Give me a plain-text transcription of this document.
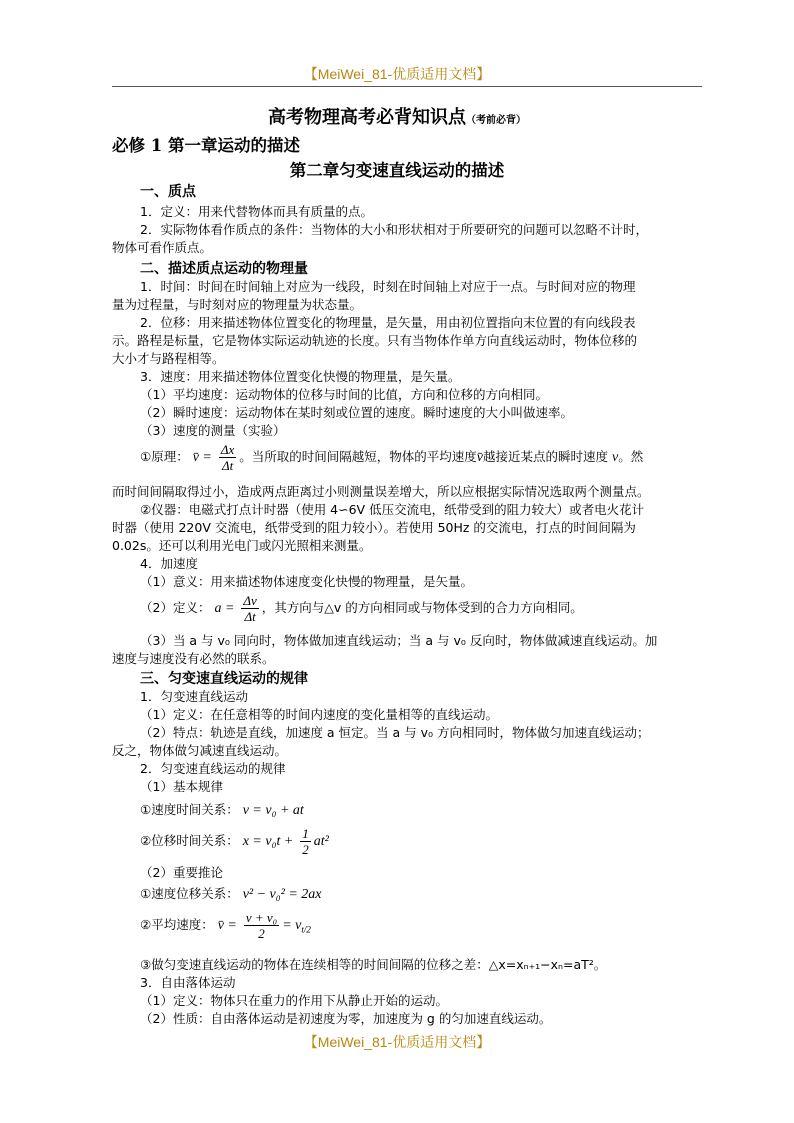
【MeiWei_81-优质适用文档】
高考物理高考必背知识点（考前必背）
必修 1 第一章运动的描述
第二章匀变速直线运动的描述
一、质点
1．定义：用来代替物体而具有质量的点。
2．实际物体看作质点的条件：当物体的大小和形状相对于所要研究的问题可以忽略不计时，
物体可看作质点。
二、描述质点运动的物理量
1．时间：时间在时间轴上对应为一线段，时刻在时间轴上对应于一点。与时间对应的物理
量为过程量，与时刻对应的物理量为状态量。
2．位移：用来描述物体位置变化的物理量，是矢量，用由初位置指向末位置的有向线段表
示。路程是标量，它是物体实际运动轨迹的长度。只有当物体作单方向直线运动时，物体位移的
大小才与路程相等。
3．速度：用来描述物体位置变化快慢的物理量，是矢量。
（1）平均速度：运动物体的位移与时间的比值，方向和位移的方向相同。
（2）瞬时速度：运动物体在某时刻或位置的速度。瞬时速度的大小叫做速率。
（3）速度的测量（实验）
①原理： v̄ = $\frac{\Delta x}{\Delta t}$ 。当所取的时间间隔越短，物体的平均速度v̄越接近某点的瞬时速度 v。然
而时间间隔取得过小，造成两点距离过小则测量误差增大，所以应根据实际情况选取两个测量点。
②仪器：电磁式打点计时器（使用 4∽6V 低压交流电，纸带受到的阻力较大）或者电火花计
时器（使用 220V 交流电，纸带受到的阻力较小）。若使用 50Hz 的交流电，打点的时间间隔为
0.02s。还可以利用光电门或闪光照相来测量。
4．加速度
（1）意义：用来描述物体速度变化快慢的物理量，是矢量。
（2）定义： $a = \frac{\Delta v}{\Delta t}$ ，其方向与△v 的方向相同或与物体受到的合力方向相同。
（3）当 a 与 v₀ 同向时，物体做加速直线运动；当 a 与 v₀ 反向时，物体做减速直线运动。加
速度与速度没有必然的联系。
三、匀变速直线运动的规律
1．匀变速直线运动
（1）定义：在任意相等的时间内速度的变化量相等的直线运动。
（2）特点：轨迹是直线，加速度 a 恒定。当 a 与 v₀ 方向相同时，物体做匀加速直线运动；
反之，物体做匀减速直线运动。
2．匀变速直线运动的规律
（1）基本规律
①速度时间关系： v = v₀ + at
②位移时间关系： $x = v_0t + \frac{1}{2} at^2$
（2）重要推论
①速度位移关系： v² − v₀² = 2ax
②平均速度： v̄ = $\frac{\text{v + v₀}}{2} = v_{t/2}$
③做匀变速直线运动的物体在连续相等的时间间隔的位移之差：△x=xₙ₊₁−xₙ=aT²。
3．自由落体运动
（1）定义：物体只在重力的作用下从静止开始的运动。
（2）性质：自由落体运动是初速度为零，加速度为 g 的匀加速直线运动。
【MeiWei_81-优质适用文档】
